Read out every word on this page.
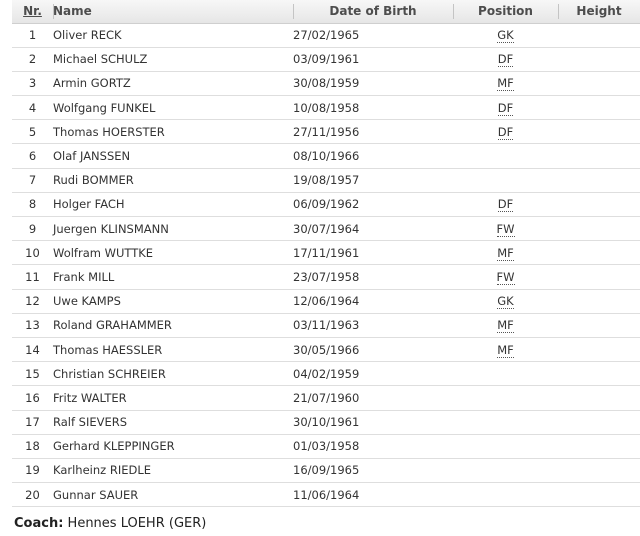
Nr.	Name	Date of Birth	Position	Height
1	Oliver RECK	27/02/1965	GK	
2	Michael SCHULZ	03/09/1961	DF	
3	Armin GORTZ	30/08/1959	MF	
4	Wolfgang FUNKEL	10/08/1958	DF	
5	Thomas HOERSTER	27/11/1956	DF	
6	Olaf JANSSEN	08/10/1966		
7	Rudi BOMMER	19/08/1957		
8	Holger FACH	06/09/1962	DF	
9	Juergen KLINSMANN	30/07/1964	FW	
10	Wolfram WUTTKE	17/11/1961	MF	
11	Frank MILL	23/07/1958	FW	
12	Uwe KAMPS	12/06/1964	GK	
13	Roland GRAHAMMER	03/11/1963	MF	
14	Thomas HAESSLER	30/05/1966	MF	
15	Christian SCHREIER	04/02/1959		
16	Fritz WALTER	21/07/1960		
17	Ralf SIEVERS	30/10/1961		
18	Gerhard KLEPPINGER	01/03/1958		
19	Karlheinz RIEDLE	16/09/1965		
20	Gunnar SAUER	11/06/1964		
Coach: Hennes LOEHR (GER)
